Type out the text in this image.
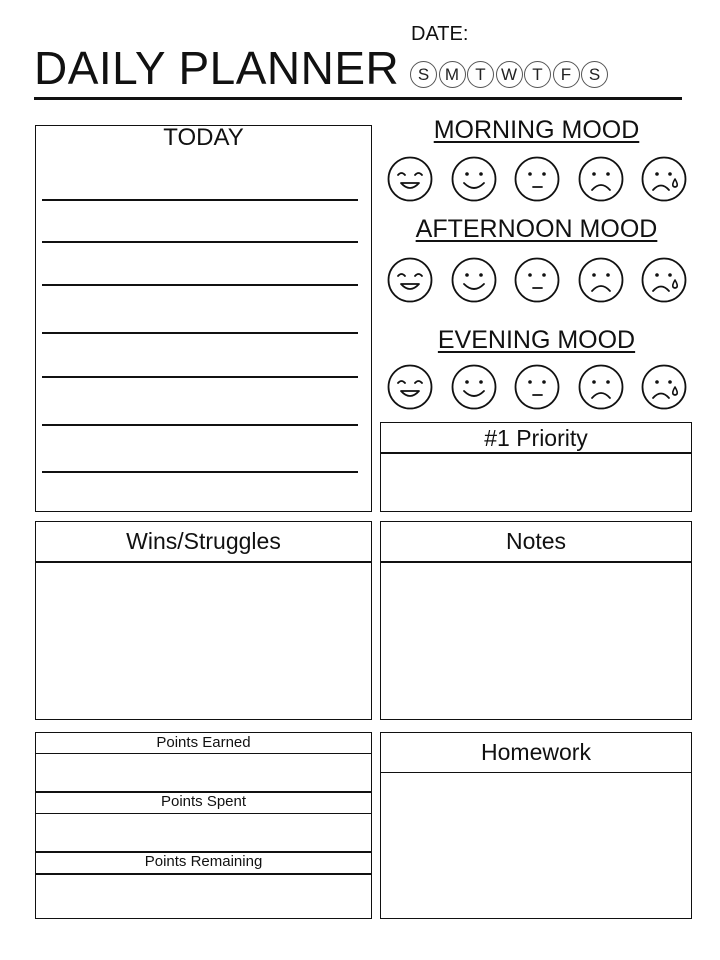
DAILY PLANNER
DATE:
S M T W T	F	S
TODAY	MORNING MOOD
AFTERNOON MOOD
EVENING MOOD
#1 Priority
Wins/Struggles	Notes
Points Earned
Points Spent
Points Remaining
Homework
